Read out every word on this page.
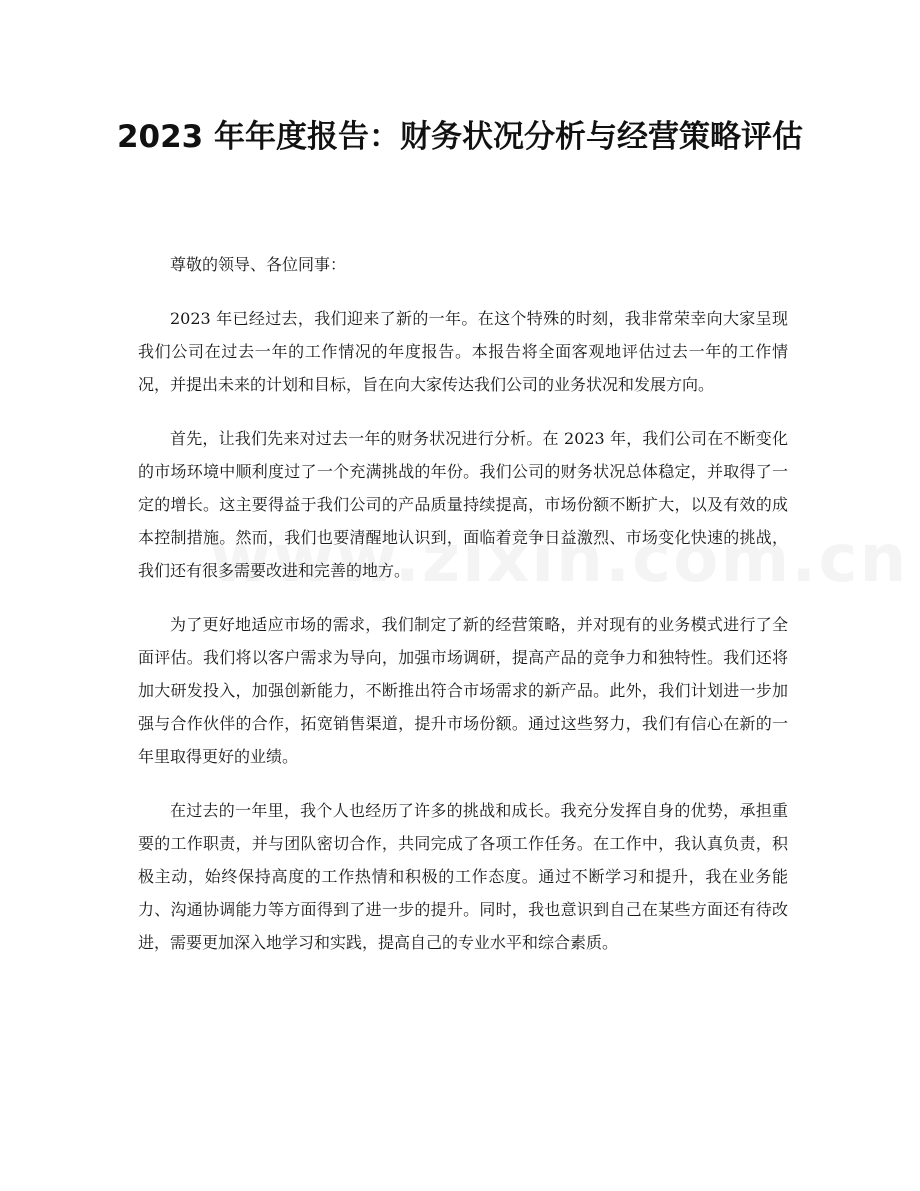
2023 年年度报告：财务状况分析与经营策略评估

尊敬的领导、各位同事：

2023 年已经过去，我们迎来了新的一年。在这个特殊的时刻，我非常荣幸向大家呈现我们公司在过去一年的工作情况的年度报告。本报告将全面客观地评估过去一年的工作情况，并提出未来的计划和目标，旨在向大家传达我们公司的业务状况和发展方向。

首先，让我们先来对过去一年的财务状况进行分析。在 2023 年，我们公司在不断变化的市场环境中顺利度过了一个充满挑战的年份。我们公司的财务状况总体稳定，并取得了一定的增长。这主要得益于我们公司的产品质量持续提高，市场份额不断扩大，以及有效的成本控制措施。然而，我们也要清醒地认识到，面临着竞争日益激烈、市场变化快速的挑战，我们还有很多需要改进和完善的地方。

为了更好地适应市场的需求，我们制定了新的经营策略，并对现有的业务模式进行了全面评估。我们将以客户需求为导向，加强市场调研，提高产品的竞争力和独特性。我们还将加大研发投入，加强创新能力，不断推出符合市场需求的新产品。此外，我们计划进一步加强与合作伙伴的合作，拓宽销售渠道，提升市场份额。通过这些努力，我们有信心在新的一年里取得更好的业绩。

在过去的一年里，我个人也经历了许多的挑战和成长。我充分发挥自身的优势，承担重要的工作职责，并与团队密切合作，共同完成了各项工作任务。在工作中，我认真负责，积极主动，始终保持高度的工作热情和积极的工作态度。通过不断学习和提升，我在业务能力、沟通协调能力等方面得到了进一步的提升。同时，我也意识到自己在某些方面还有待改进，需要更加深入地学习和实践，提高自己的专业水平和综合素质。
